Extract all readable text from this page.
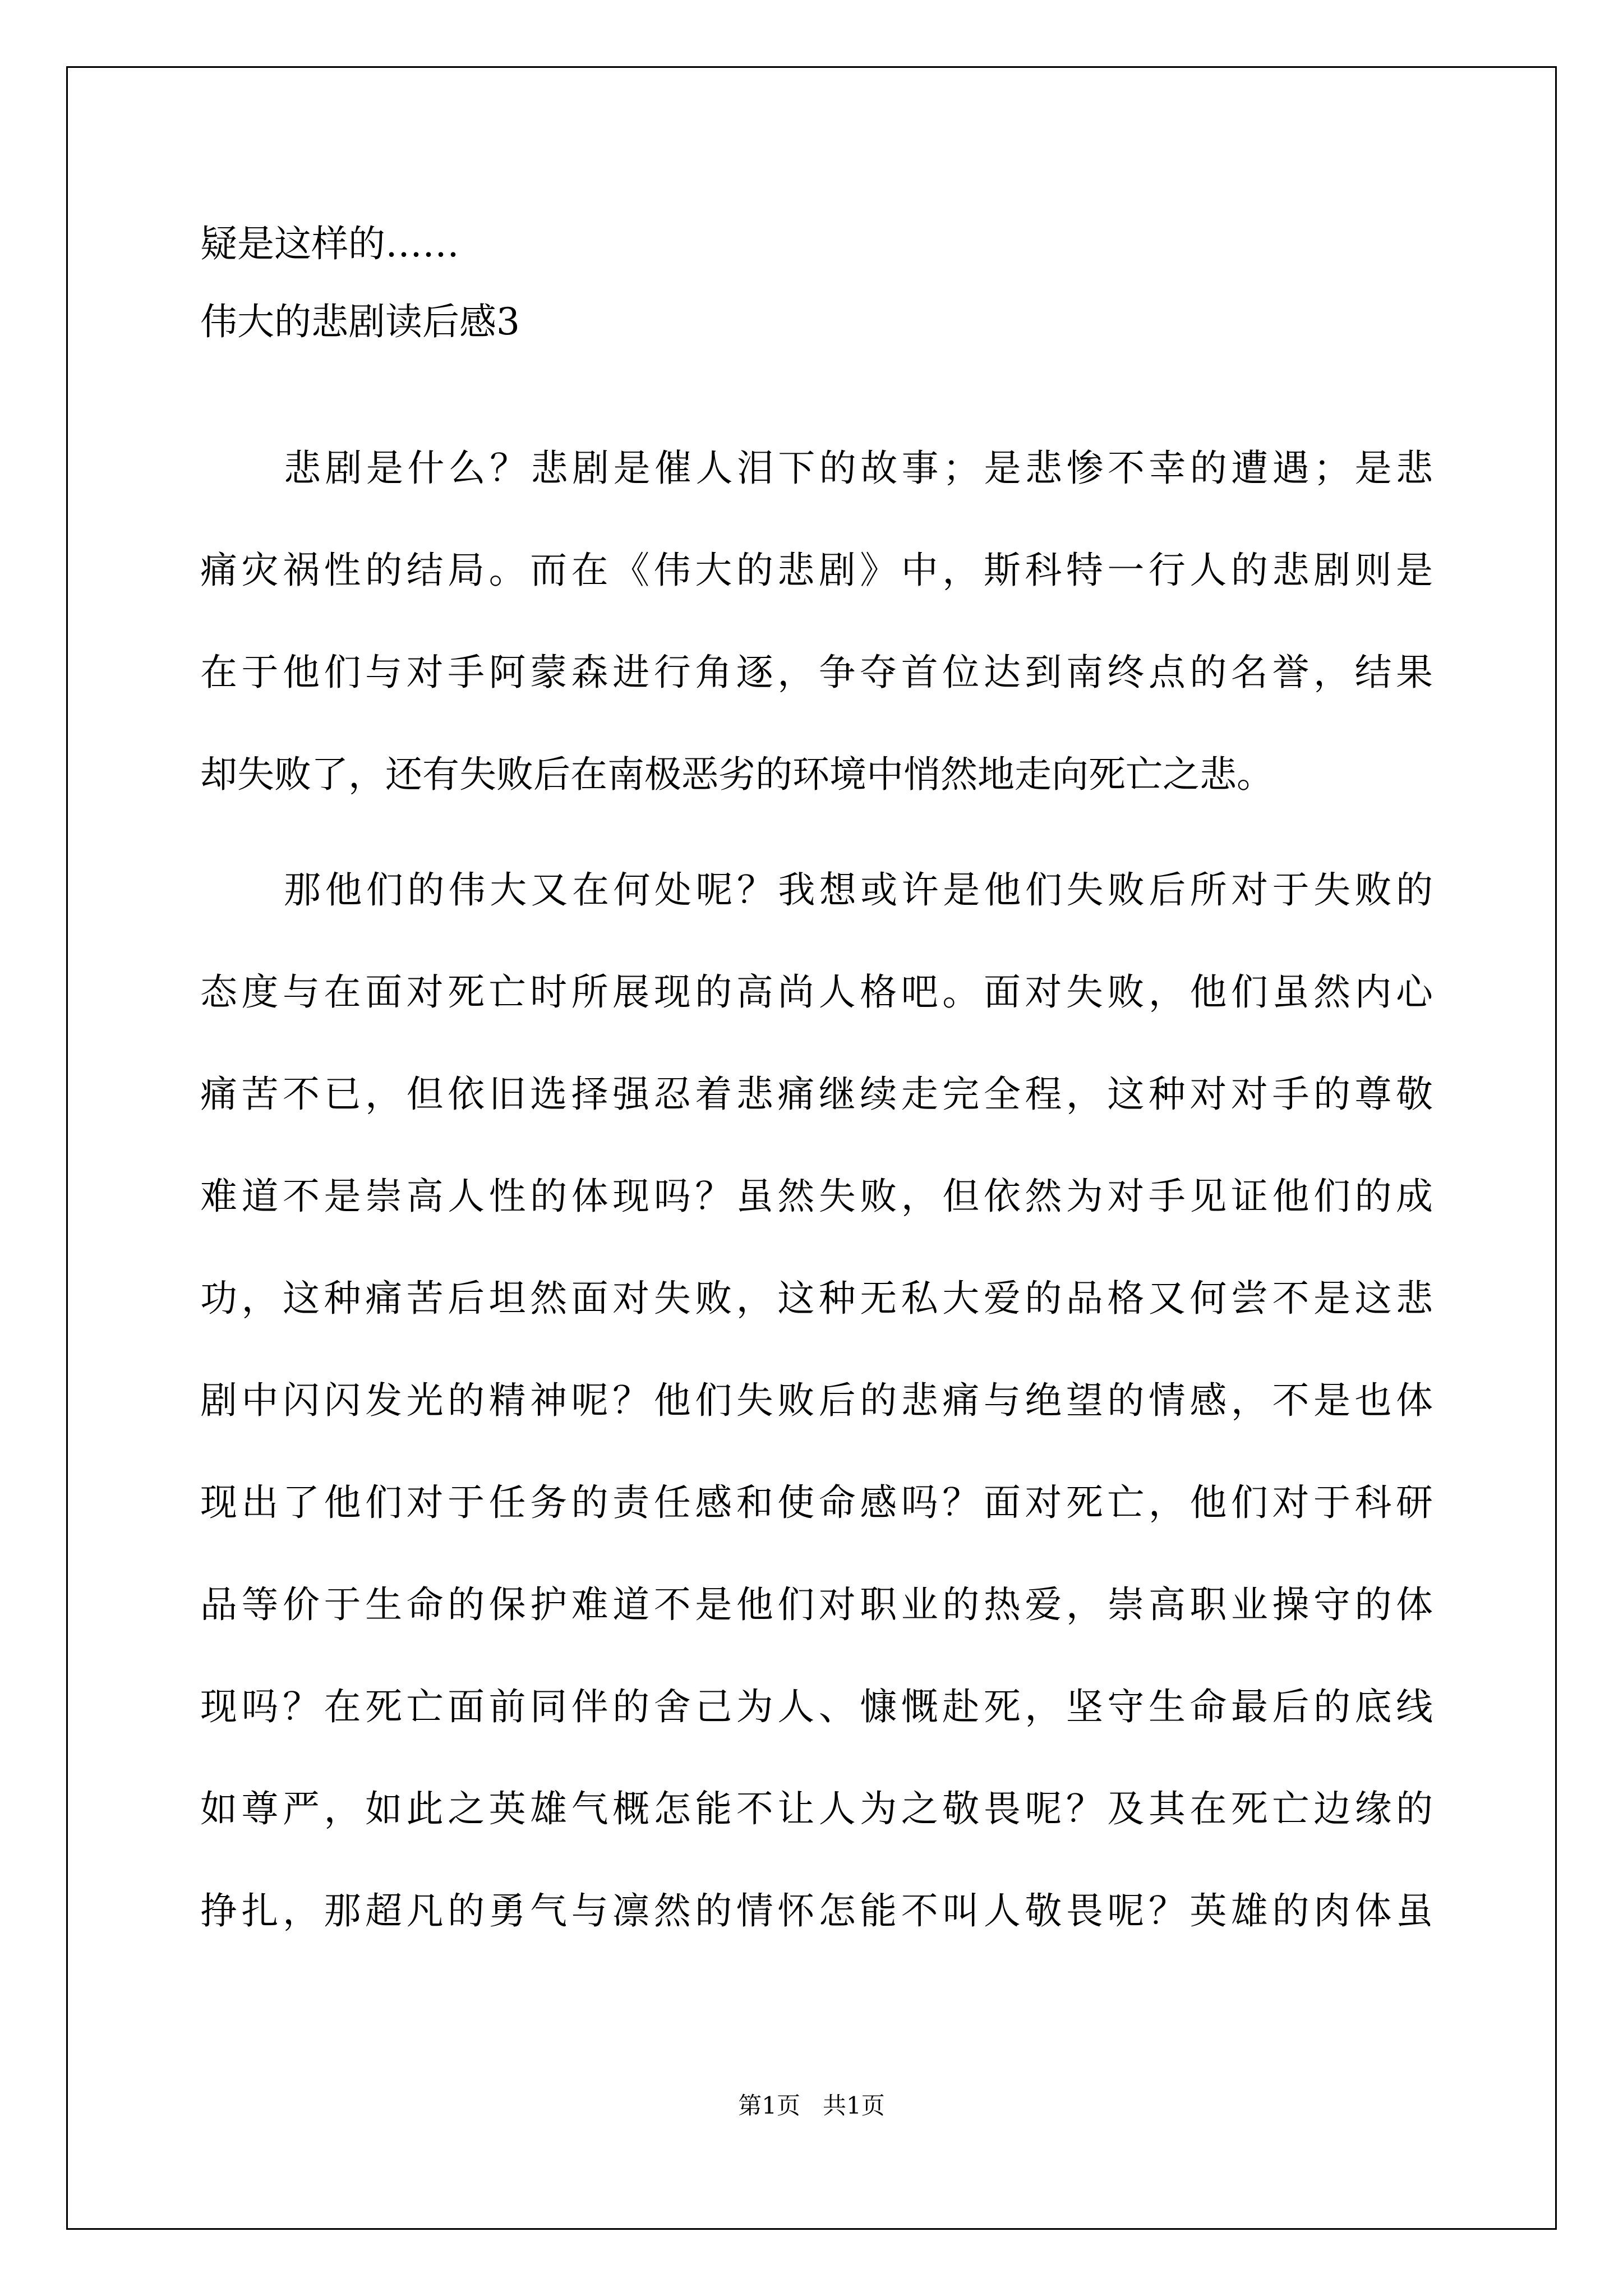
疑是这样的……

伟大的悲剧读后感3

悲剧是什么？悲剧是催人泪下的故事；是悲惨不幸的遭遇；是悲

痛灾祸性的结局。而在《伟大的悲剧》中，斯科特一行人的悲剧则是

在于他们与对手阿蒙森进行角逐，争夺首位达到南终点的名誉，结果

却失败了，还有失败后在南极恶劣的环境中悄然地走向死亡之悲。

那他们的伟大又在何处呢？我想或许是他们失败后所对于失败的

态度与在面对死亡时所展现的高尚人格吧。面对失败，他们虽然内心

痛苦不已，但依旧选择强忍着悲痛继续走完全程，这种对对手的尊敬

难道不是崇高人性的体现吗？虽然失败，但依然为对手见证他们的成

功，这种痛苦后坦然面对失败，这种无私大爱的品格又何尝不是这悲

剧中闪闪发光的精神呢？他们失败后的悲痛与绝望的情感，不是也体

现出了他们对于任务的责任感和使命感吗？面对死亡，他们对于科研

品等价于生命的保护难道不是他们对职业的热爱，崇高职业操守的体

现吗？在死亡面前同伴的舍己为人、慷慨赴死，坚守生命最后的底线

如尊严，如此之英雄气概怎能不让人为之敬畏呢？及其在死亡边缘的

挣扎，那超凡的勇气与凛然的情怀怎能不叫人敬畏呢？英雄的肉体虽

第1页   共1页
